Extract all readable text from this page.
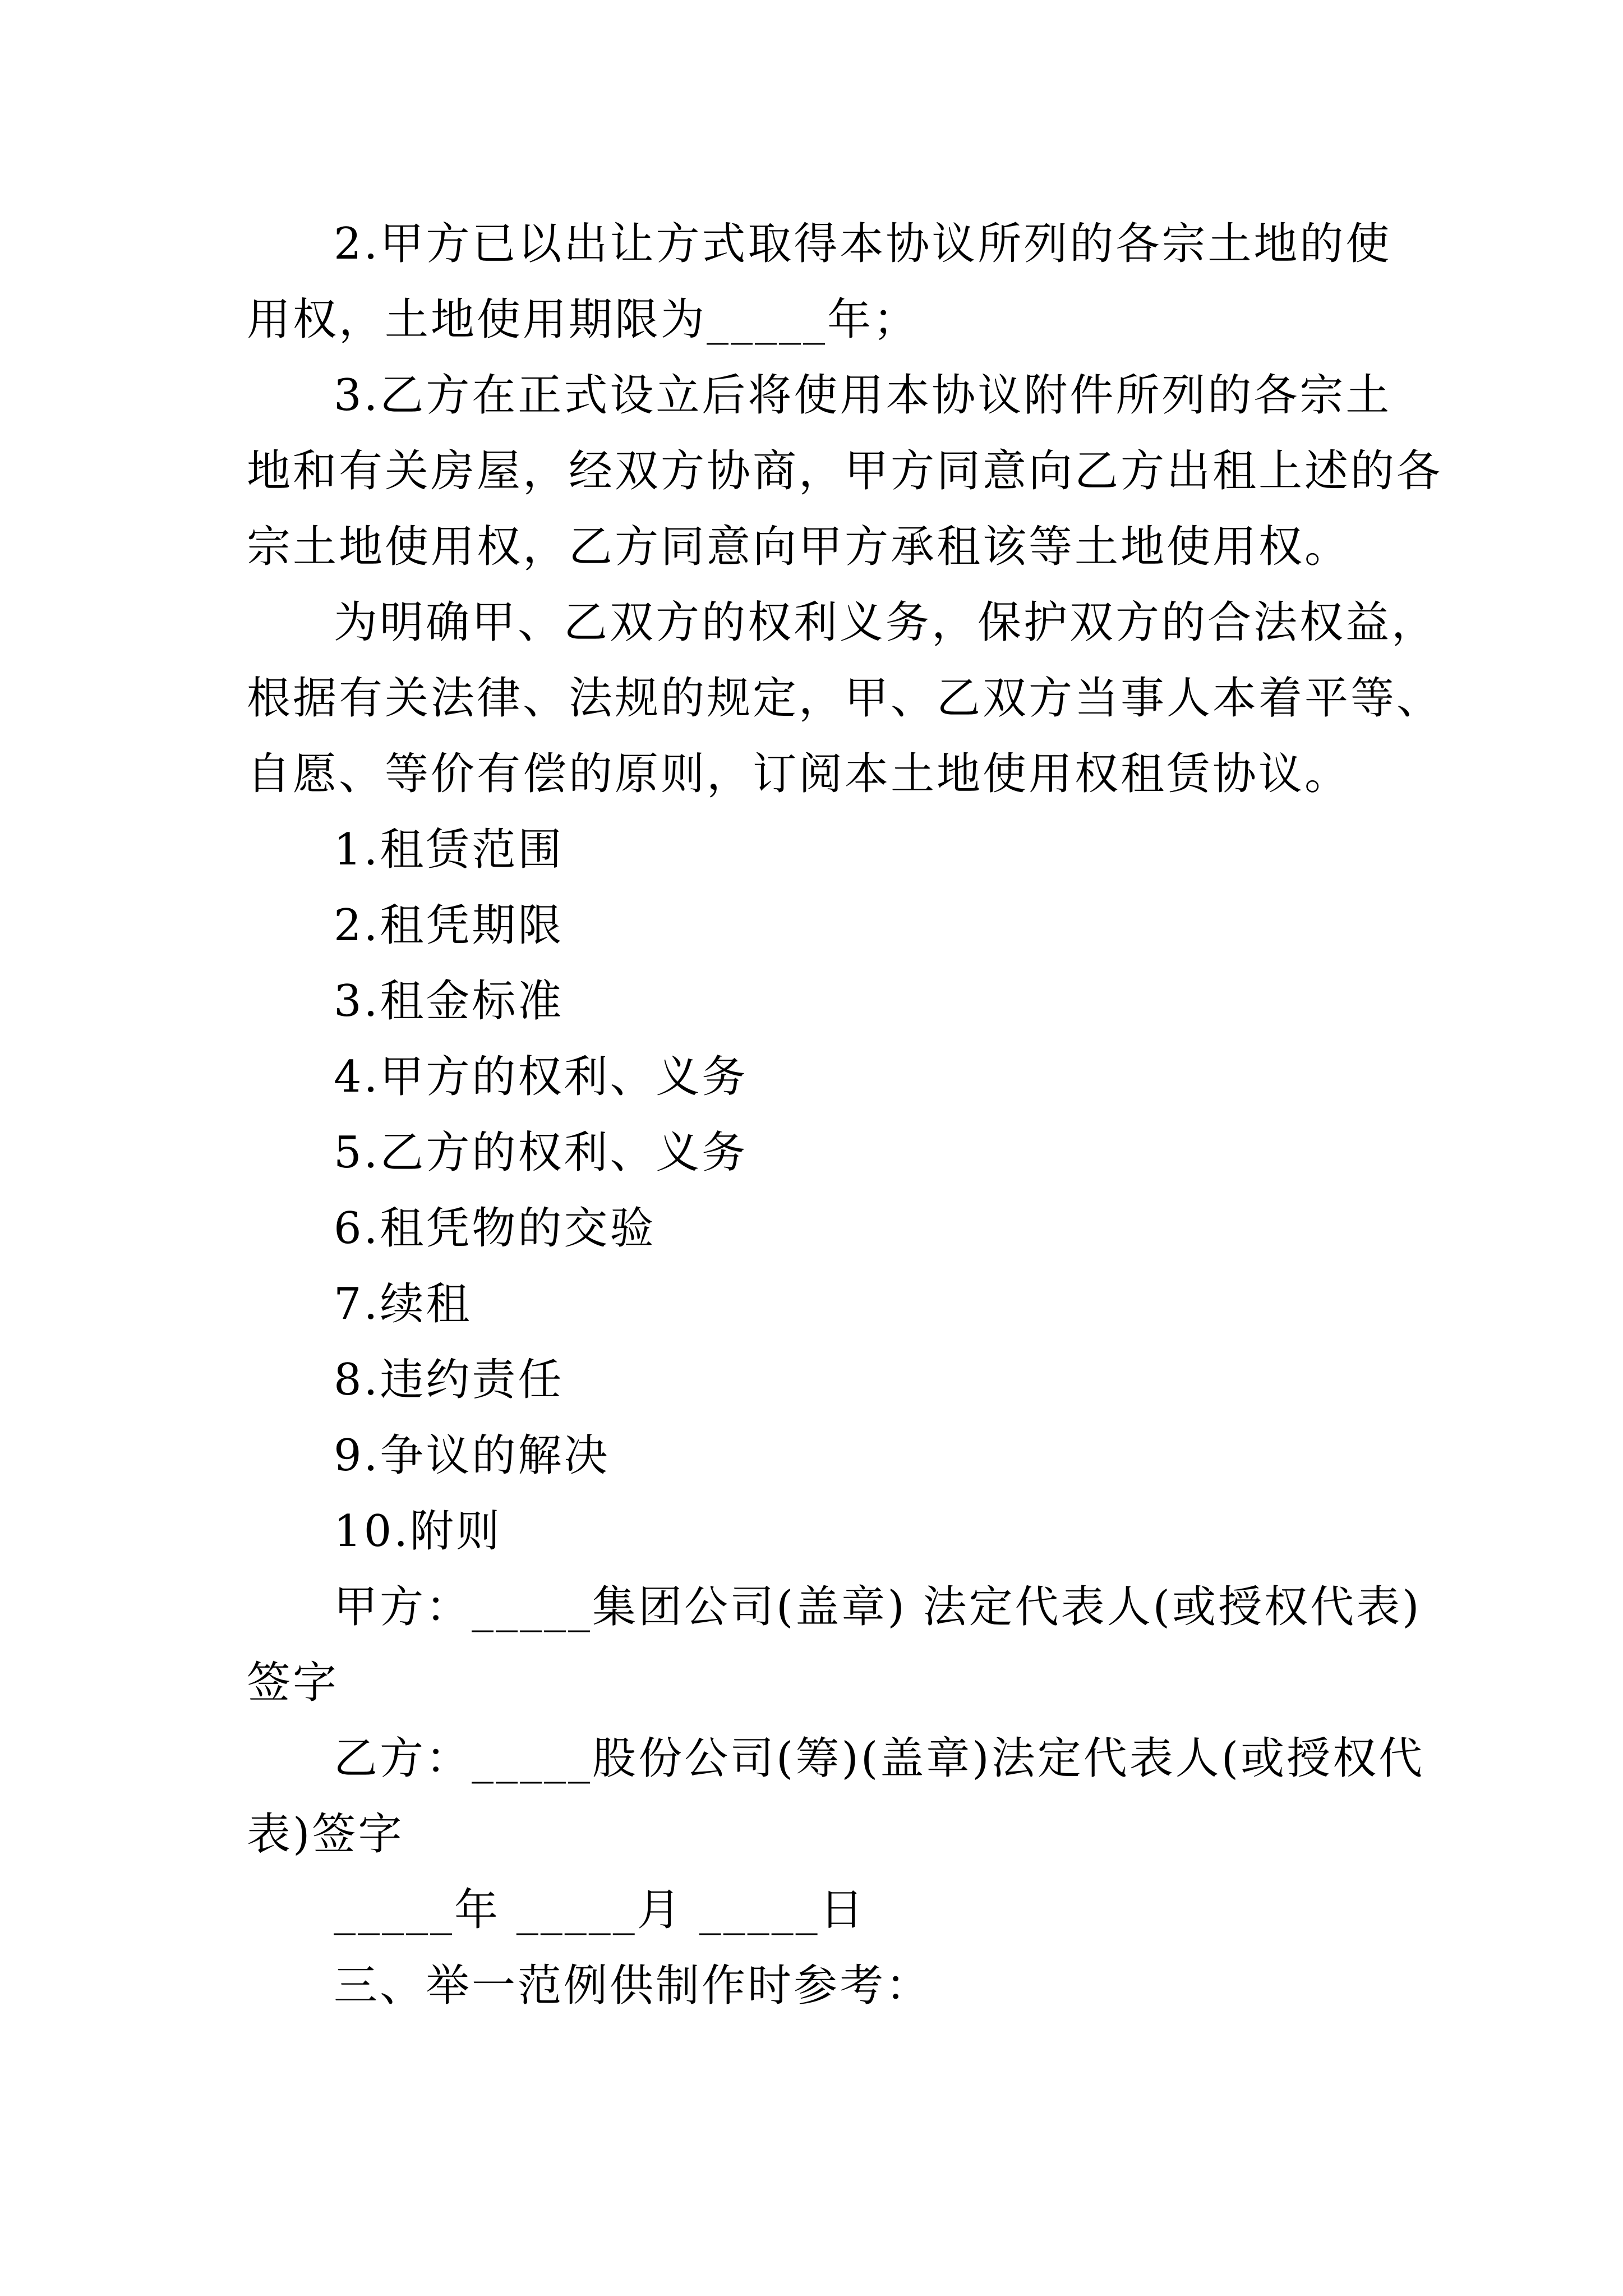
2.甲方已以出让方式取得本协议所列的各宗土地的使
用权，土地使用期限为_____年；
3.乙方在正式设立后将使用本协议附件所列的各宗土
地和有关房屋，经双方协商，甲方同意向乙方出租上述的各
宗土地使用权，乙方同意向甲方承租该等土地使用权。
为明确甲、乙双方的权利义务，保护双方的合法权益，
根据有关法律、法规的规定，甲、乙双方当事人本着平等、
自愿、等价有偿的原则，订阅本土地使用权租赁协议。
1.租赁范围
2.租凭期限
3.租金标准
4.甲方的权利、义务
5.乙方的权利、义务
6.租凭物的交验
7.续租
8.违约责任
9.争议的解决
10.附则
甲方：_____集团公司(盖章) 法定代表人(或授权代表)
签字
乙方：_____股份公司(筹)(盖章)法定代表人(或授权代
表)签字
_____年 _____月 _____日
三、举一范例供制作时参考：
